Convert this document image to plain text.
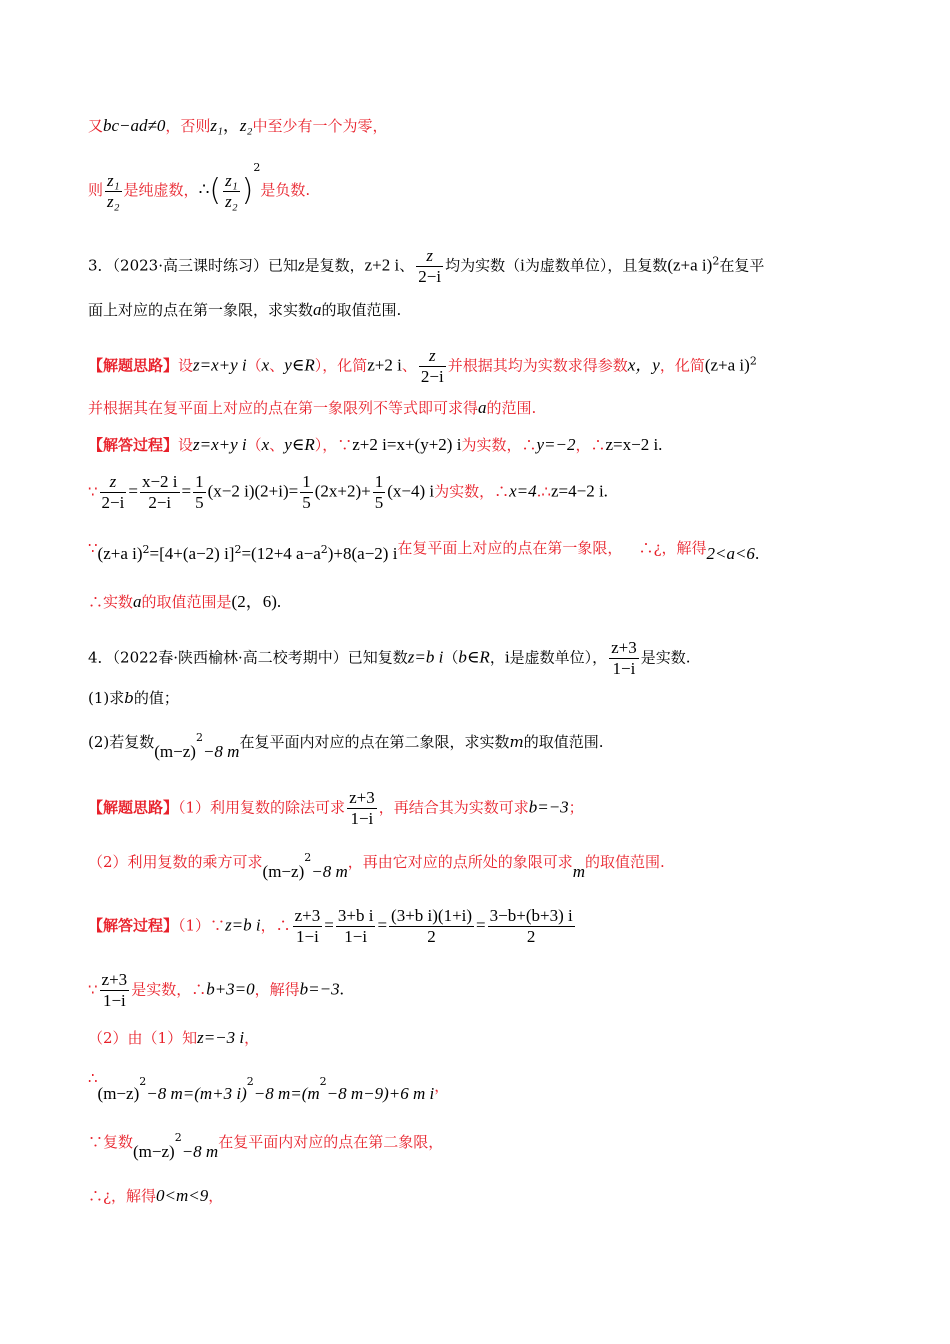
又bc−ad≠0，否则z₁，z₂中至少有一个为零，
则 $\frac{\text{z₁}}{\text{z₂}}$ 是纯虚数，∴( $\frac{\text{z₁}}{\text{z₂}} )^2$是负数.
3．（2023·高三课时练习）已知z是复数，z+2 i、 $\frac{z}{2-i}$ 均为实数（i为虚数单位），且复数(z+a i)$^2$在复平
面上对应的点在第一象限，求实数a的取值范围.
【解题思路】设z=x+y i（x、y∈R），化简z+2 i、 $\frac{z}{2-i}$ 并根据其均为实数求得参数x，y，化简(z+a i)$^2$
并根据其在复平面上对应的点在第一象限列不等式即可求得a的范围.
【解答过程】设z=x+y i（x、y∈R），∵z+2 i=x+(y+2) i为实数，∴y=−2，∴z=x−2 i.
∵ $\frac{z}{2-i} = \frac{x-2 i}{2-i} = \frac{1}{5} (x-2$ $i)(2+i)= \frac{1}{5} (2x+2)+ \frac{1}{5} (x-4)$ i为实数，∴x=4.∴z=4−2 i.
∵(z+a i)$^2$=[4+(a−2) i]$^2$=(12+4 $a-a^2)+8(a-2)$ i在复平面上对应的点在第一象限， ∴¿，解得2<a<6.
∴实数a的取值范围是(2，6).
4．（2022春·陕西榆林·高二校考期中）已知复数z=b i（b∈R，i是虚数单位）， $\frac{z+3}{1-i}$ 是实数.
(1)求b的值；
(2)若复数$(m-z)^2-8$ m在复平面内对应的点在第二象限，求实数m的取值范围.
【解题思路】（1）利用复数的除法可求 $\frac{z+3}{1-i}$ ，再结合其为实数可求b=−3；
（2）利用复数的乘方可求$(m-z)^2-8$ m，再由它对应的点所处的象限可求m的取值范围.
【解答过程】（1）∵z=b i，∴ $\frac{z+3}{1-i} = \frac{\text{3+b i}}{1-i} = \frac{\text{(3+b i)(1+i)}}{2} = \frac{3-b+(b+3) i}{2}$
∵ $\frac{z+3}{1-i}$ 是实数，∴b+3=0，解得b=−3.
（2）由（1）知z=−3 i，
$\therefore(m-z)^2-8$ m=(m+3 i)$^2$−8 $m=(m^2-8$ m−9)+6 m i，
∵复数$(m-z)^2-8$ m在复平面内对应的点在第二象限，
∴¿，解得0<m<9，
